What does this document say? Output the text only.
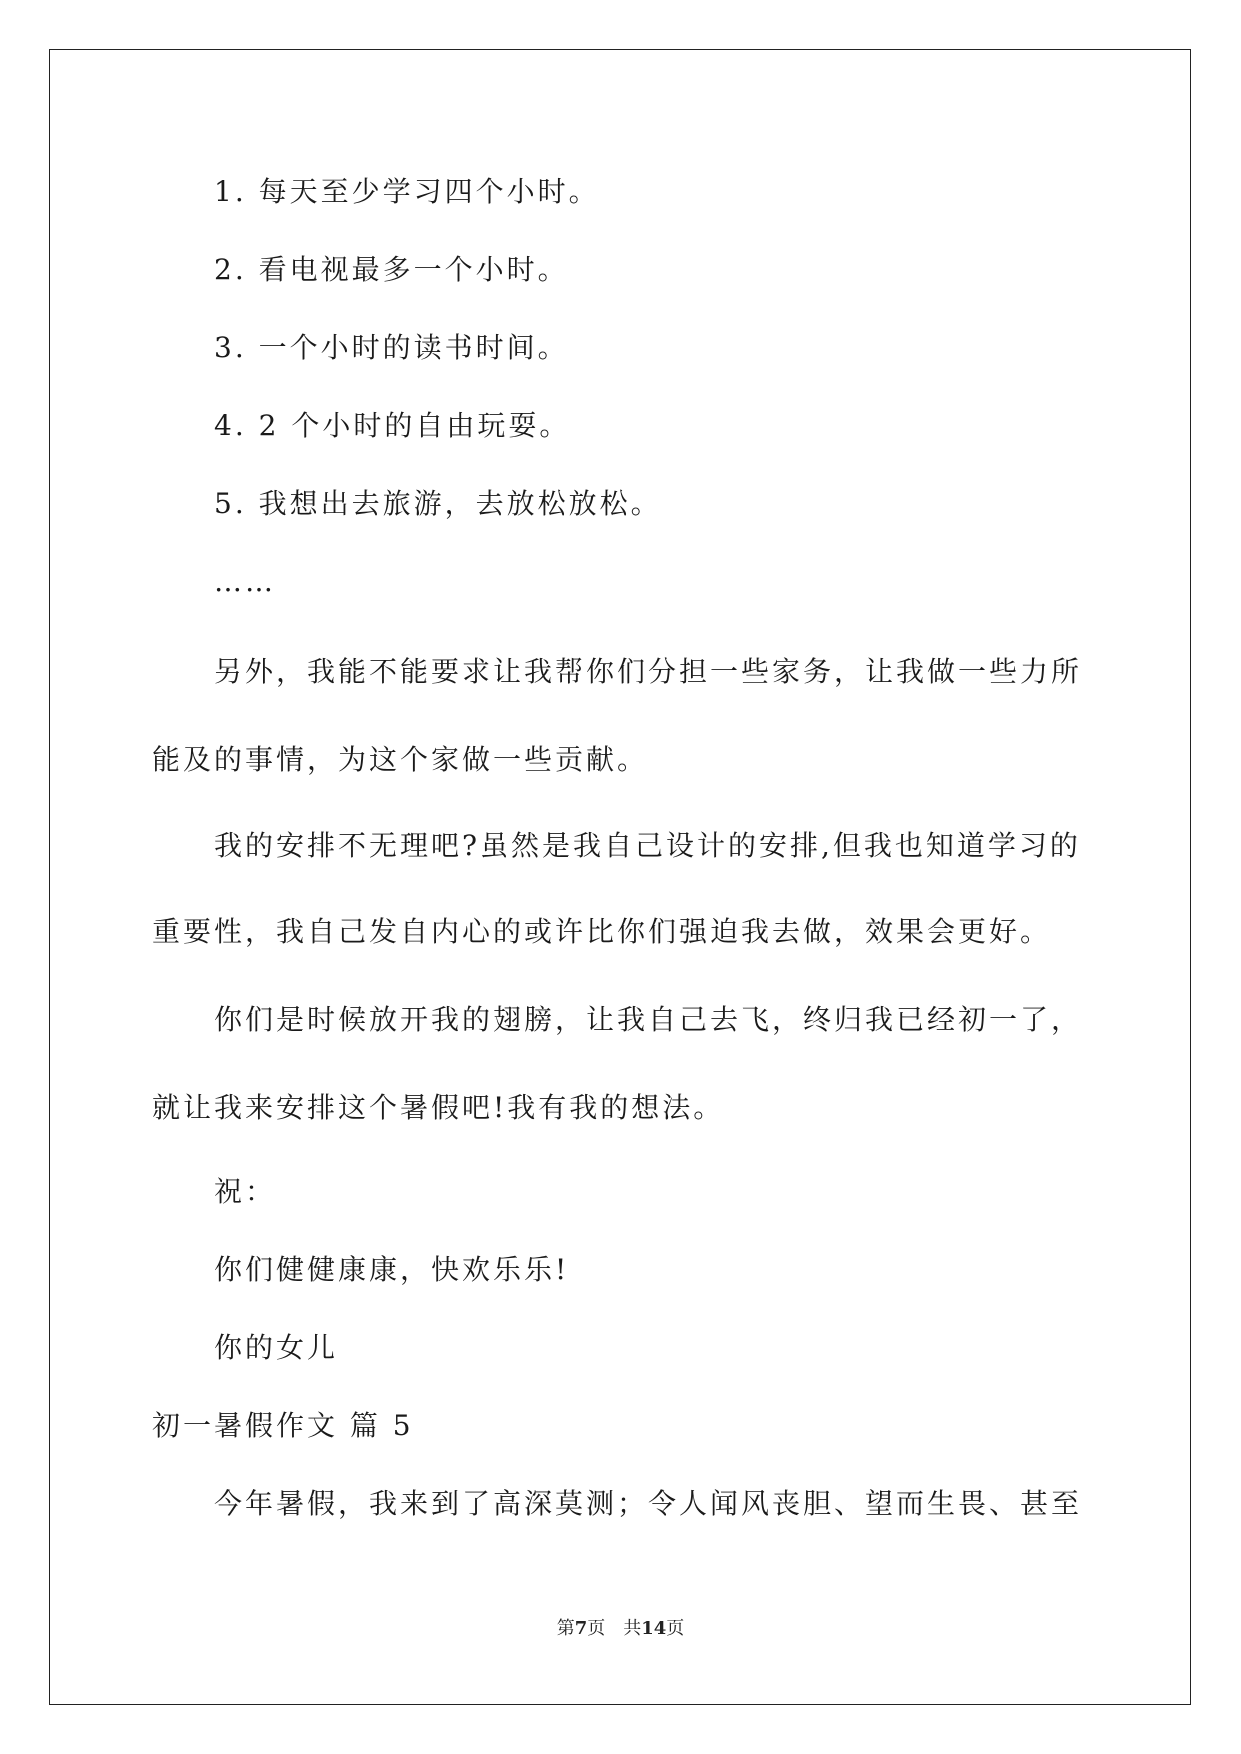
1. 每天至少学习四个小时。
2. 看电视最多一个小时。
3. 一个小时的读书时间。
4. 2 个小时的自由玩耍。
5. 我想出去旅游，去放松放松。
……
另外，我能不能要求让我帮你们分担一些家务，让我做一些力所
能及的事情，为这个家做一些贡献。
我的安排不无理吧?虽然是我自己设计的安排,但我也知道学习的
重要性，我自己发自内心的或许比你们强迫我去做，效果会更好。
你们是时候放开我的翅膀，让我自己去飞，终归我已经初一了，
就让我来安排这个暑假吧!我有我的想法。
祝：
你们健健康康，快欢乐乐!
你的女儿
初一暑假作文 篇 5
今年暑假，我来到了高深莫测；令人闻风丧胆、望而生畏、甚至
第7页 共14页
